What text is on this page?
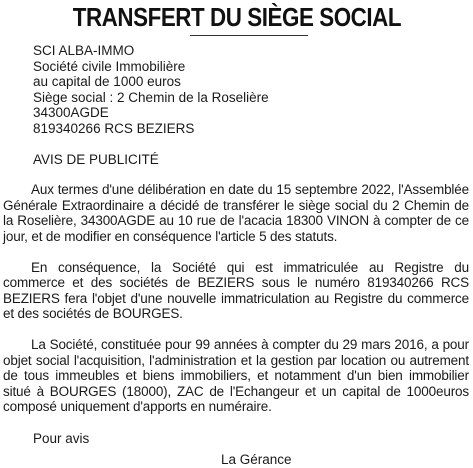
TRANSFERT DU SIÈGE SOCIAL
SCI ALBA-IMMO
Société civile Immobilière
au capital de 1000 euros
Siège social : 2 Chemin de la Roselière
34300AGDE
819340266 RCS BEZIERS
AVIS DE PUBLICITÉ
Aux termes d'une délibération en date du 15 septembre 2022, l'Assemblée Générale Extraordinaire a décidé de transférer le siège social du 2 Chemin de la Roselière, 34300AGDE au 10 rue de l'acacia 18300 VINON à compter de ce jour, et de modifier en conséquence l'article 5 des statuts.
En conséquence, la Société qui est immatriculée au Registre du commerce et des sociétés de BEZIERS sous le numéro 819340266 RCS BEZIERS fera l'objet d'une nouvelle immatriculation au Registre du commerce et des sociétés de BOURGES.
La Société, constituée pour 99 années à compter du 29 mars 2016, a pour objet social l'acquisition, l'administration et la gestion par location ou autrement de tous immeubles et biens immobiliers, et notamment d'un bien immobilier situé à BOURGES (18000), ZAC de l'Echangeur et un capital de 1000euros composé uniquement d'apports en numéraire.
Pour avis
La Gérance
